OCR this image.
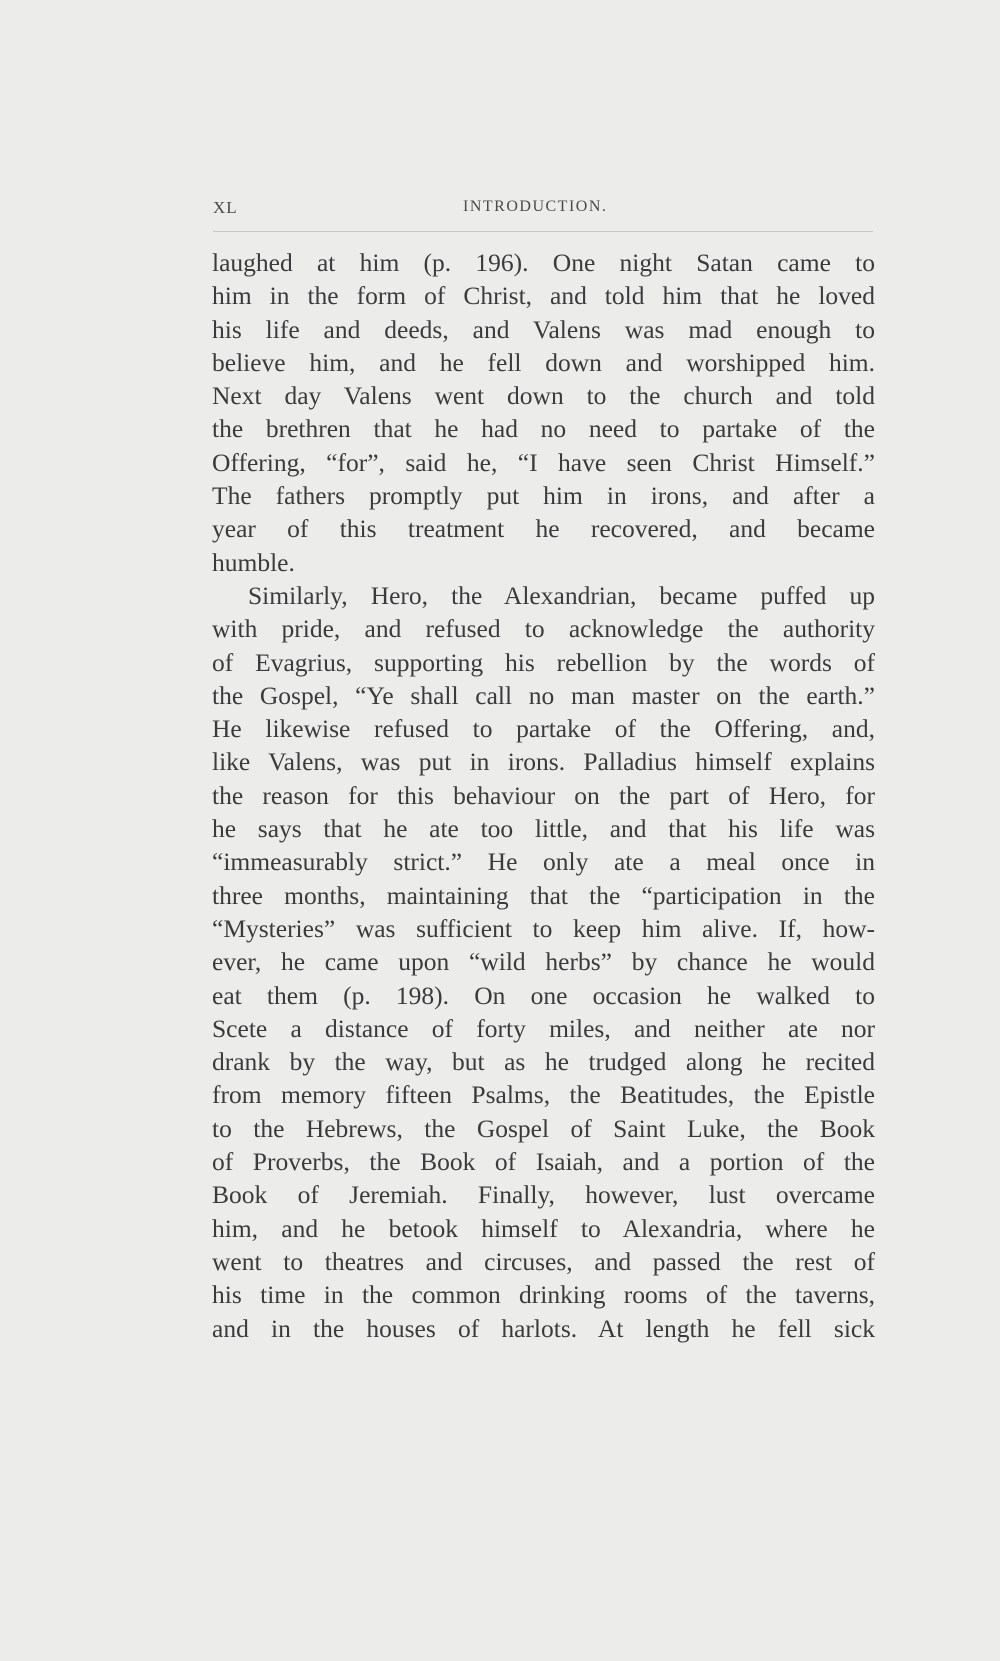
XL	INTRODUCTION.
laughed at him (p. 196). One night Satan came to
him in the form of Christ, and told him that he loved
his life and deeds, and Valens was mad enough to
believe him, and he fell down and worshipped him.
Next day Valens went down to the church and told
the brethren that he had no need to partake of the
Offering, “for”, said he, “I have seen Christ Himself.”
The fathers promptly put him in irons, and after a
year of this treatment he recovered, and became
humble.
Similarly, Hero, the Alexandrian, became puffed up
with pride, and refused to acknowledge the authority
of Evagrius, supporting his rebellion by the words of
the Gospel, “Ye shall call no man master on the earth.”
He likewise refused to partake of the Offering, and,
like Valens, was put in irons. Palladius himself explains
the reason for this behaviour on the part of Hero, for
he says that he ate too little, and that his life was
“immeasurably strict.” He only ate a meal once in
three months, maintaining that the “participation in the
“Mysteries” was sufficient to keep him alive. If, how-
ever, he came upon “wild herbs” by chance he would
eat them (p. 198). On one occasion he walked to
Scete a distance of forty miles, and neither ate nor
drank by the way, but as he trudged along he recited
from memory fifteen Psalms, the Beatitudes, the Epistle
to the Hebrews, the Gospel of Saint Luke, the Book
of Proverbs, the Book of Isaiah, and a portion of the
Book of Jeremiah. Finally, however, lust overcame
him, and he betook himself to Alexandria, where he
went to theatres and circuses, and passed the rest of
his time in the common drinking rooms of the taverns,
and in the houses of harlots. At length he fell sick
